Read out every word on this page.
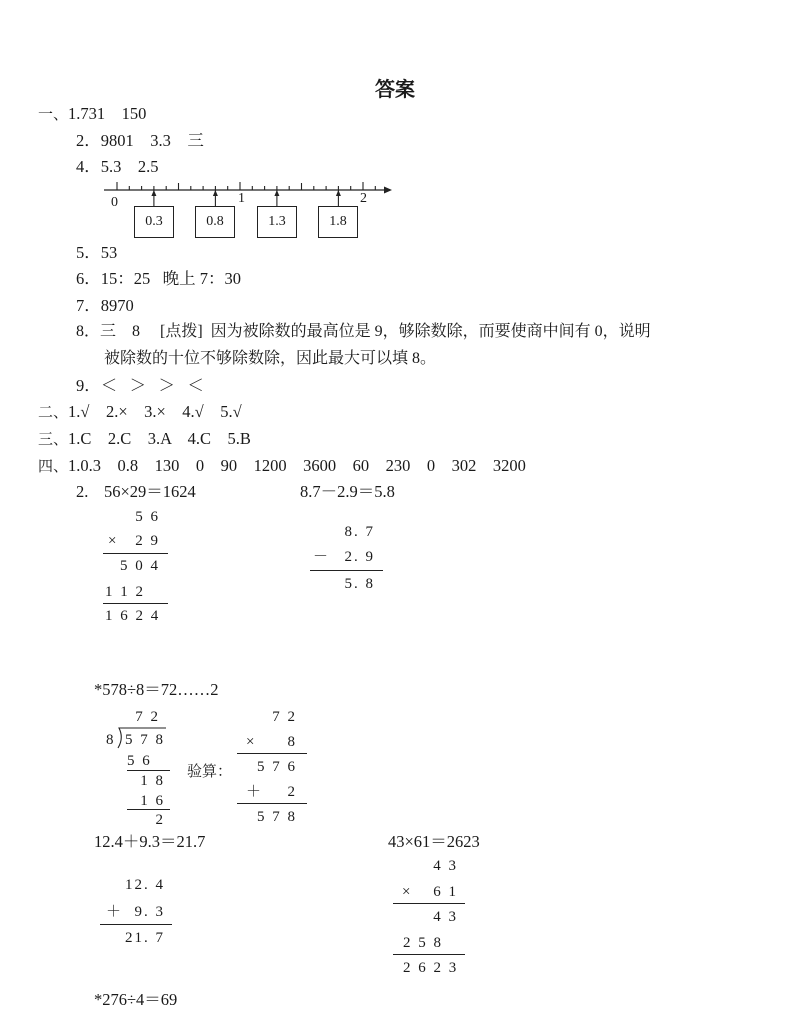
答案
一、1.731    150
2．9801    3.3    三
4．5.3    2.5
0	1	2
0.3	0.8	1.3	1.8
5．53
6．15：25   晚上 7：30
7．8970
8．三    8     [点拨]  因为被除数的最高位是 9，够除数除，而要使商中间有 0，说明
被除数的十位不够除数除，因此最大可以填 8。
9．＜   ＞   ＞   ＜
二、1.√    2.×    3.×    4.√    5.√
三、1.C    2.C    3.A    4.C    5.B
四、1.0.3    0.8    130    0    90    1200    3600    60    230    0    302    3200
2. 56×29＝1624	8.7－2.9＝5.8
5 6
×	2 9
5 0 4
1 1 2
1 6 2 4
8. 7
－ 2. 9
5. 8
*578÷8＝72……2
7 2
8 5 7 8
5 6
1 8
1 6
2
验算：
7 2
×	8
5 7 6
＋	2
5 7 8
12.4＋9.3＝21.7
12. 4
＋ 9. 3
21. 7
43×61＝2623
4 3
×	6 1
4 3
2 5 8
2 6 2 3
*276÷4＝69
